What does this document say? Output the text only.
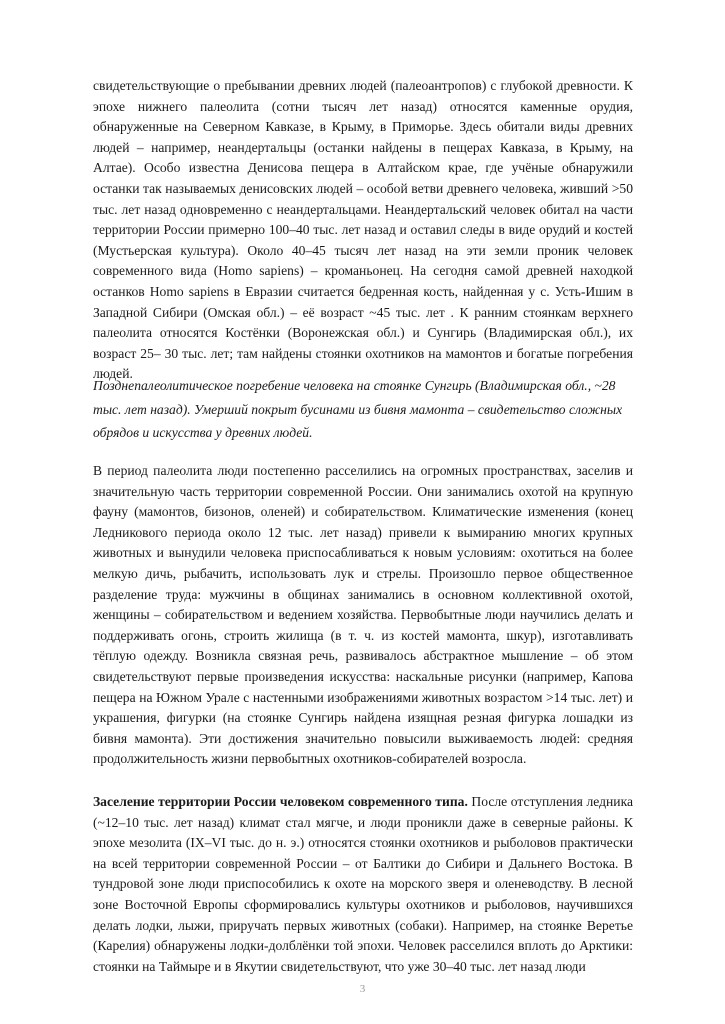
свидетельствующие о пребывании древних людей (палеоантропов) с глубокой древности. К эпохе нижнего палеолита (сотни тысяч лет назад) относятся каменные орудия, обнаруженные на Северном Кавказе, в Крыму, в Приморье. Здесь обитали виды древних людей – например, неандертальцы (останки найдены в пещерах Кавказа, в Крыму, на Алтае). Особо известна Денисова пещера в Алтайском крае, где учёные обнаружили останки так называемых денисовских людей – особой ветви древнего человека, живший >50 тыс. лет назад одновременно с неандертальцами. Неандертальский человек обитал на части территории России примерно 100–40 тыс. лет назад и оставил следы в виде орудий и костей (Мустьерская культура). Около 40–45 тысяч лет назад на эти земли проник человек современного вида (Homo sapiens) – кроманьонец. На сегодня самой древней находкой останков Homo sapiens в Евразии считается бедренная кость, найденная у с. Усть-Ишим в Западной Сибири (Омская обл.) – её возраст ~45 тыс. лет . К ранним стоянкам верхнего палеолита относятся Костёнки (Воронежская обл.) и Сунгирь (Владимирская обл.), их возраст 25– 30 тыс. лет; там найдены стоянки охотников на мамонтов и богатые погребения людей.

Позднепалеолитическое погребение человека на стоянке Сунгирь (Владимирская обл., ~28 тыс. лет назад). Умерший покрыт бусинами из бивня мамонта – свидетельство сложных обрядов и искусства у древних людей.

В период палеолита люди постепенно расселились на огромных пространствах, заселив и значительную часть территории современной России. Они занимались охотой на крупную фауну (мамонтов, бизонов, оленей) и собирательством. Климатические изменения (конец Ледникового периода около 12 тыс. лет назад) привели к вымиранию многих крупных животных и вынудили человека приспосабливаться к новым условиям: охотиться на более мелкую дичь, рыбачить, использовать лук и стрелы. Произошло первое общественное разделение труда: мужчины в общинах занимались в основном коллективной охотой, женщины – собирательством и ведением хозяйства. Первобытные люди научились делать и поддерживать огонь, строить жилища (в т. ч. из костей мамонта, шкур), изготавливать тёплую одежду. Возникла связная речь, развивалось абстрактное мышление – об этом свидетельствуют первые произведения искусства: наскальные рисунки (например, Капова пещера на Южном Урале с настенными изображениями животных возрастом >14 тыс. лет) и украшения, фигурки (на стоянке Сунгирь найдена изящная резная фигурка лошадки из бивня мамонта). Эти достижения значительно повысили выживаемость людей: средняя продолжительность жизни первобытных охотников-собирателей возросла.

Заселение территории России человеком современного типа. После отступления ледника (~12–10 тыс. лет назад) климат стал мягче, и люди проникли даже в северные районы. К эпохе мезолита (IX–VI тыс. до н. э.) относятся стоянки охотников и рыболовов практически на всей территории современной России – от Балтики до Сибири и Дальнего Востока. В тундровой зоне люди приспособились к охоте на морского зверя и оленеводству. В лесной зоне Восточной Европы сформировались культуры охотников и рыболовов, научившихся делать лодки, лыжи, приручать первых животных (собаки). Например, на стоянке Веретье (Карелия) обнаружены лодки-долблёнки той эпохи. Человек расселился вплоть до Арктики: стоянки на Таймыре и в Якутии свидетельствуют, что уже 30–40 тыс. лет назад люди

3
